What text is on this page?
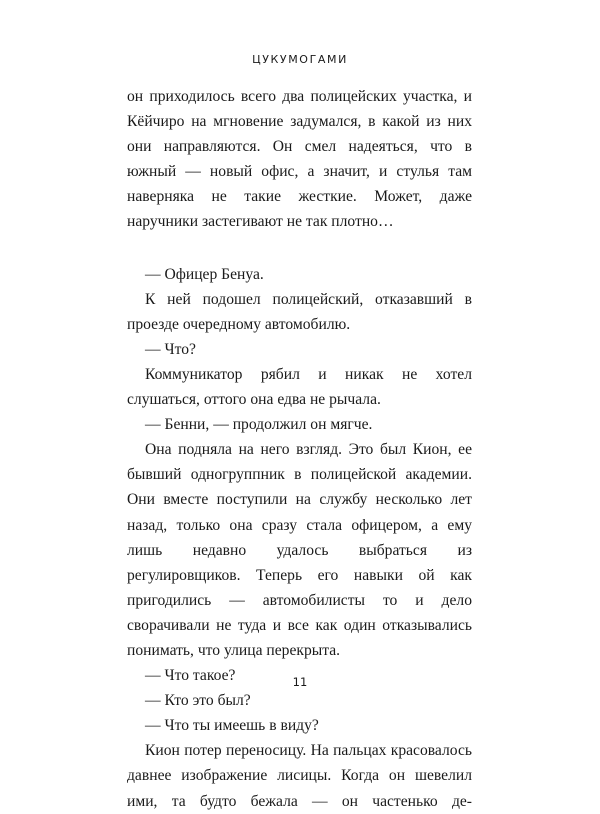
ЦУКУМОГАМИ

он приходилось всего два полицейских участка, и Кёйчиро на мгновение задумался, в какой из них они направляются. Он смел надеяться, что в южный — новый офис, а значит, и стулья там наверняка не такие жесткие. Может, даже наручники застегивают не так плотно…

— Офицер Бенуа.

К ней подошел полицейский, отказавший в проезде очередному автомобилю.

— Что?

Коммуникатор рябил и никак не хотел слушаться, оттого она едва не рычала.

— Бенни, — продолжил он мягче.

Она подняла на него взгляд. Это был Кион, ее бывший одногруппник в полицейской академии. Они вместе поступили на службу несколько лет назад, только она сразу стала офицером, а ему лишь недавно удалось выбраться из регулировщиков. Теперь его навыки ой как пригодились — автомобилисты то и дело сворачивали не туда и все как один отказывались понимать, что улица перекрыта.

— Что такое?

— Кто это был?

— Что ты имеешь в виду?

Кион потер переносицу. На пальцах красовалось давнее изображение лисицы. Когда он шевелил ими, та будто бежала — он частенько де-

11
